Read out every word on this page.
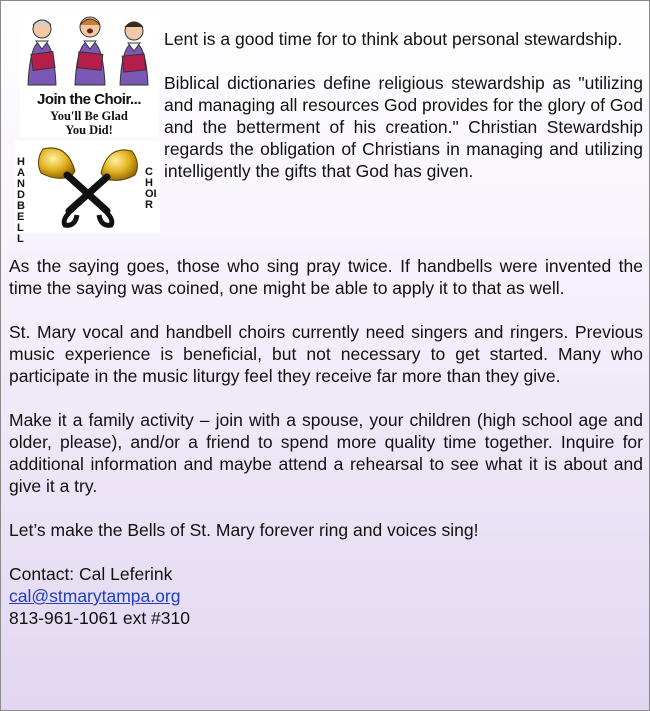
Join the Choir...
You'll Be Glad
You Did!
HANDBELL
CHOIR

Lent is a good time for to think about personal stewardship.

Biblical dictionaries define religious stewardship as "utilizing and managing all resources God provides for the glory of God and the betterment of his creation." Christian Stewardship regards the obligation of Christians in managing and utilizing intelligently the gifts that God has given.

As the saying goes, those who sing pray twice. If handbells were invented the time the saying was coined, one might be able to apply it to that as well.

St. Mary vocal and handbell choirs currently need singers and ringers. Previous music experience is beneficial, but not necessary to get started. Many who participate in the music liturgy feel they receive far more than they give.

Make it a family activity – join with a spouse, your children (high school age and older, please), and/or a friend to spend more quality time together. Inquire for additional information and maybe attend a rehearsal to see what it is about and give it a try.

Let’s make the Bells of St. Mary forever ring and voices sing!

Contact: Cal Leferink

cal@stmarytampa.org

813-961-1061 ext #310
